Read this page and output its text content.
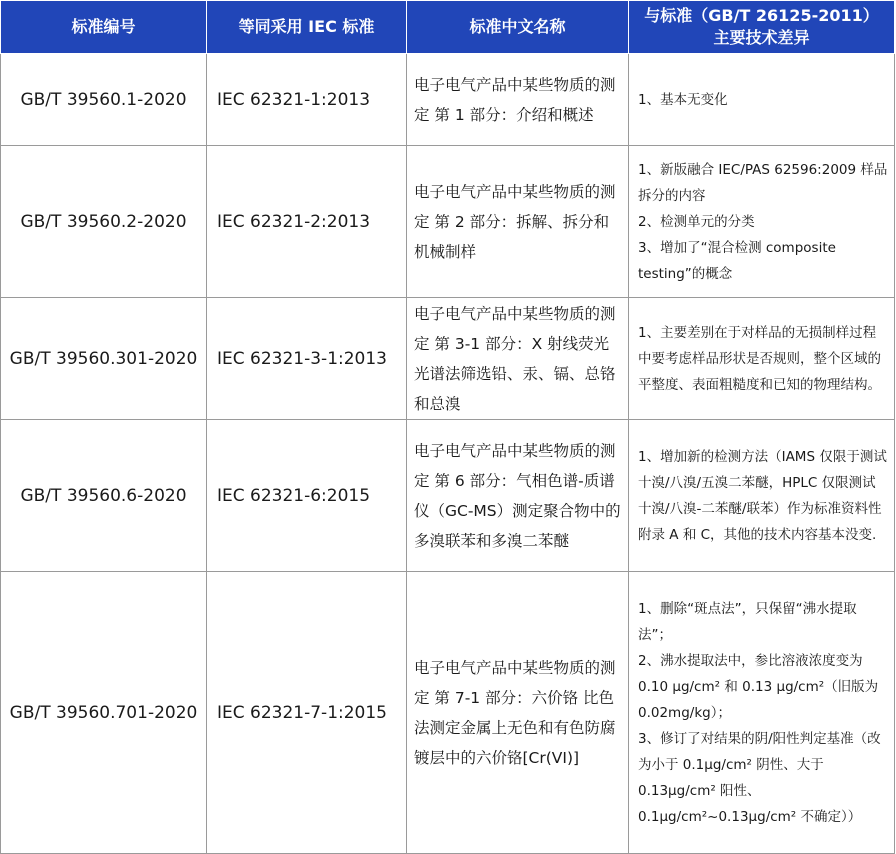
标准编号	等同采用 IEC 标准	标准中文名称	与标准（GB/T 26125-2011）主要技术差异
GB/T 39560.1-2020	IEC 62321-1:2013	电子电气产品中某些物质的测定 第 1 部分：介绍和概述	1、基本无变化

GB/T 39560.2-2020	IEC 62321-2:2013	电子电气产品中某些物质的测定 第 2 部分：拆解、拆分和机械制样	1、新版融合 IEC/PAS 62596:2009 样品拆分的内容
2、检测单元的分类
3、增加了“混合检测 composite testing”的概念

GB/T 39560.301-2020	IEC 62321-3-1:2013	电子电气产品中某些物质的测定 第 3-1 部分：X 射线荧光光谱法筛选铅、汞、镉、总铬和总溴	1、主要差别在于对样品的无损制样过程中要考虑样品形状是否规则，整个区域的平整度、表面粗糙度和已知的物理结构。

GB/T 39560.6-2020	IEC 62321-6:2015	电子电气产品中某些物质的测定 第 6 部分：气相色谱-质谱仪（GC-MS）测定聚合物中的多溴联苯和多溴二苯醚	1、增加新的检测方法（IAMS 仅限于测试十溴/八溴/五溴二苯醚，HPLC 仅限测试十溴/八溴-二苯醚/联苯）作为标准资料性附录 A 和 C，其他的技术内容基本没变.

GB/T 39560.701-2020	IEC 62321-7-1:2015	电子电气产品中某些物质的测定 第 7-1 部分：六价铬 比色法测定金属上无色和有色防腐镀层中的六价铬[Cr(VI)]	1、删除“斑点法”，只保留“沸水提取法”；
2、沸水提取法中，参比溶液浓度变为 0.10 μg/cm² 和 0.13 μg/cm²（旧版为 0.02mg/kg）；
3、修订了对结果的阴/阳性判定基准（改为小于 0.1μg/cm² 阴性、大于 0.13μg/cm² 阳性、0.1μg/cm²~0.13μg/cm² 不确定））
